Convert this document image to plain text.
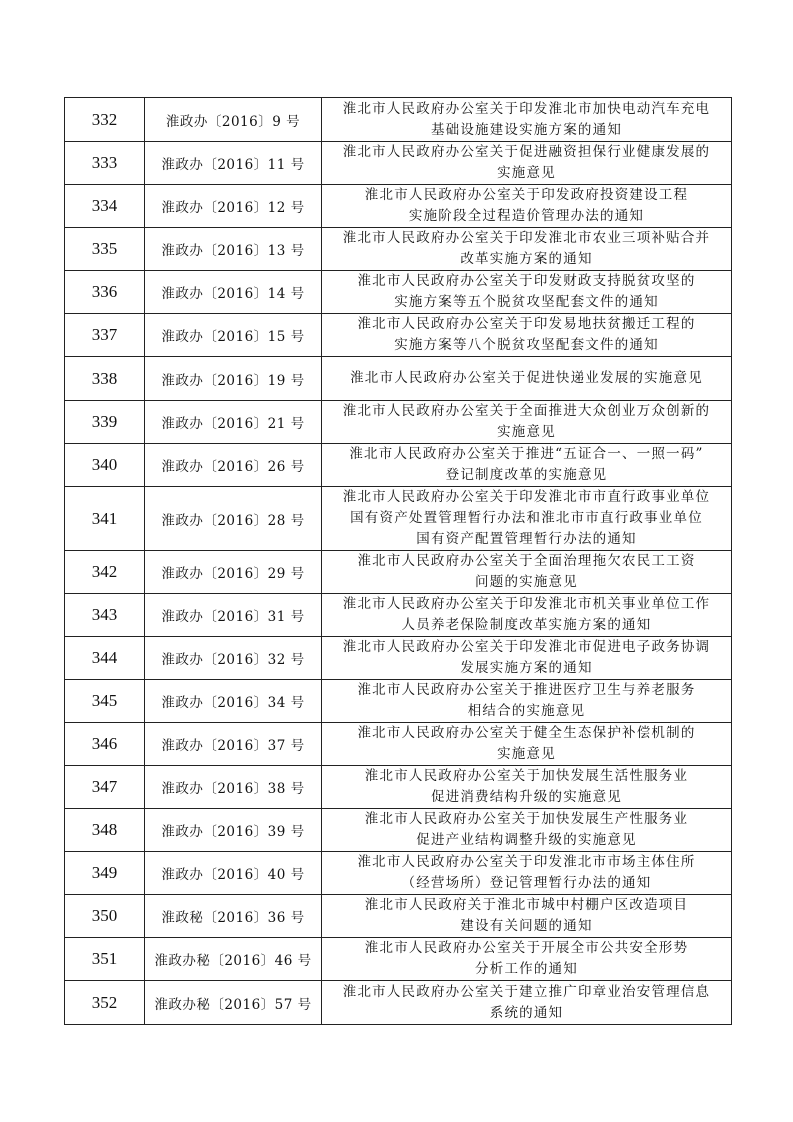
332	淮政办〔2016〕9 号	淮北市人民政府办公室关于印发淮北市加快电动汽车充电
基础设施建设实施方案的通知

333	淮政办〔2016〕11 号	淮北市人民政府办公室关于促进融资担保行业健康发展的
实施意见

334	淮政办〔2016〕12 号	淮北市人民政府办公室关于印发政府投资建设工程
实施阶段全过程造价管理办法的通知

335	淮政办〔2016〕13 号	淮北市人民政府办公室关于印发淮北市农业三项补贴合并
改革实施方案的通知

336	淮政办〔2016〕14 号	淮北市人民政府办公室关于印发财政支持脱贫攻坚的
实施方案等五个脱贫攻坚配套文件的通知

337	淮政办〔2016〕15 号	淮北市人民政府办公室关于印发易地扶贫搬迁工程的
实施方案等八个脱贫攻坚配套文件的通知

338	淮政办〔2016〕19 号	淮北市人民政府办公室关于促进快递业发展的实施意见

339	淮政办〔2016〕21 号	淮北市人民政府办公室关于全面推进大众创业万众创新的
实施意见

340	淮政办〔2016〕26 号	淮北市人民政府办公室关于推进“五证合一、一照一码”
登记制度改革的实施意见

341	淮政办〔2016〕28 号	淮北市人民政府办公室关于印发淮北市市直行政事业单位
国有资产处置管理暂行办法和淮北市市直行政事业单位
国有资产配置管理暂行办法的通知

342	淮政办〔2016〕29 号	淮北市人民政府办公室关于全面治理拖欠农民工工资
问题的实施意见

343	淮政办〔2016〕31 号	淮北市人民政府办公室关于印发淮北市机关事业单位工作
人员养老保险制度改革实施方案的通知

344	淮政办〔2016〕32 号	淮北市人民政府办公室关于印发淮北市促进电子政务协调
发展实施方案的通知

345	淮政办〔2016〕34 号	淮北市人民政府办公室关于推进医疗卫生与养老服务
相结合的实施意见

346	淮政办〔2016〕37 号	淮北市人民政府办公室关于健全生态保护补偿机制的
实施意见

347	淮政办〔2016〕38 号	淮北市人民政府办公室关于加快发展生活性服务业
促进消费结构升级的实施意见

348	淮政办〔2016〕39 号	淮北市人民政府办公室关于加快发展生产性服务业
促进产业结构调整升级的实施意见

349	淮政办〔2016〕40 号	淮北市人民政府办公室关于印发淮北市市场主体住所
（经营场所）登记管理暂行办法的通知

350	淮政秘〔2016〕36 号	淮北市人民政府关于淮北市城中村棚户区改造项目
建设有关问题的通知

351	淮政办秘〔2016〕46 号	淮北市人民政府办公室关于开展全市公共安全形势
分析工作的通知

352	淮政办秘〔2016〕57 号	淮北市人民政府办公室关于建立推广印章业治安管理信息
系统的通知
